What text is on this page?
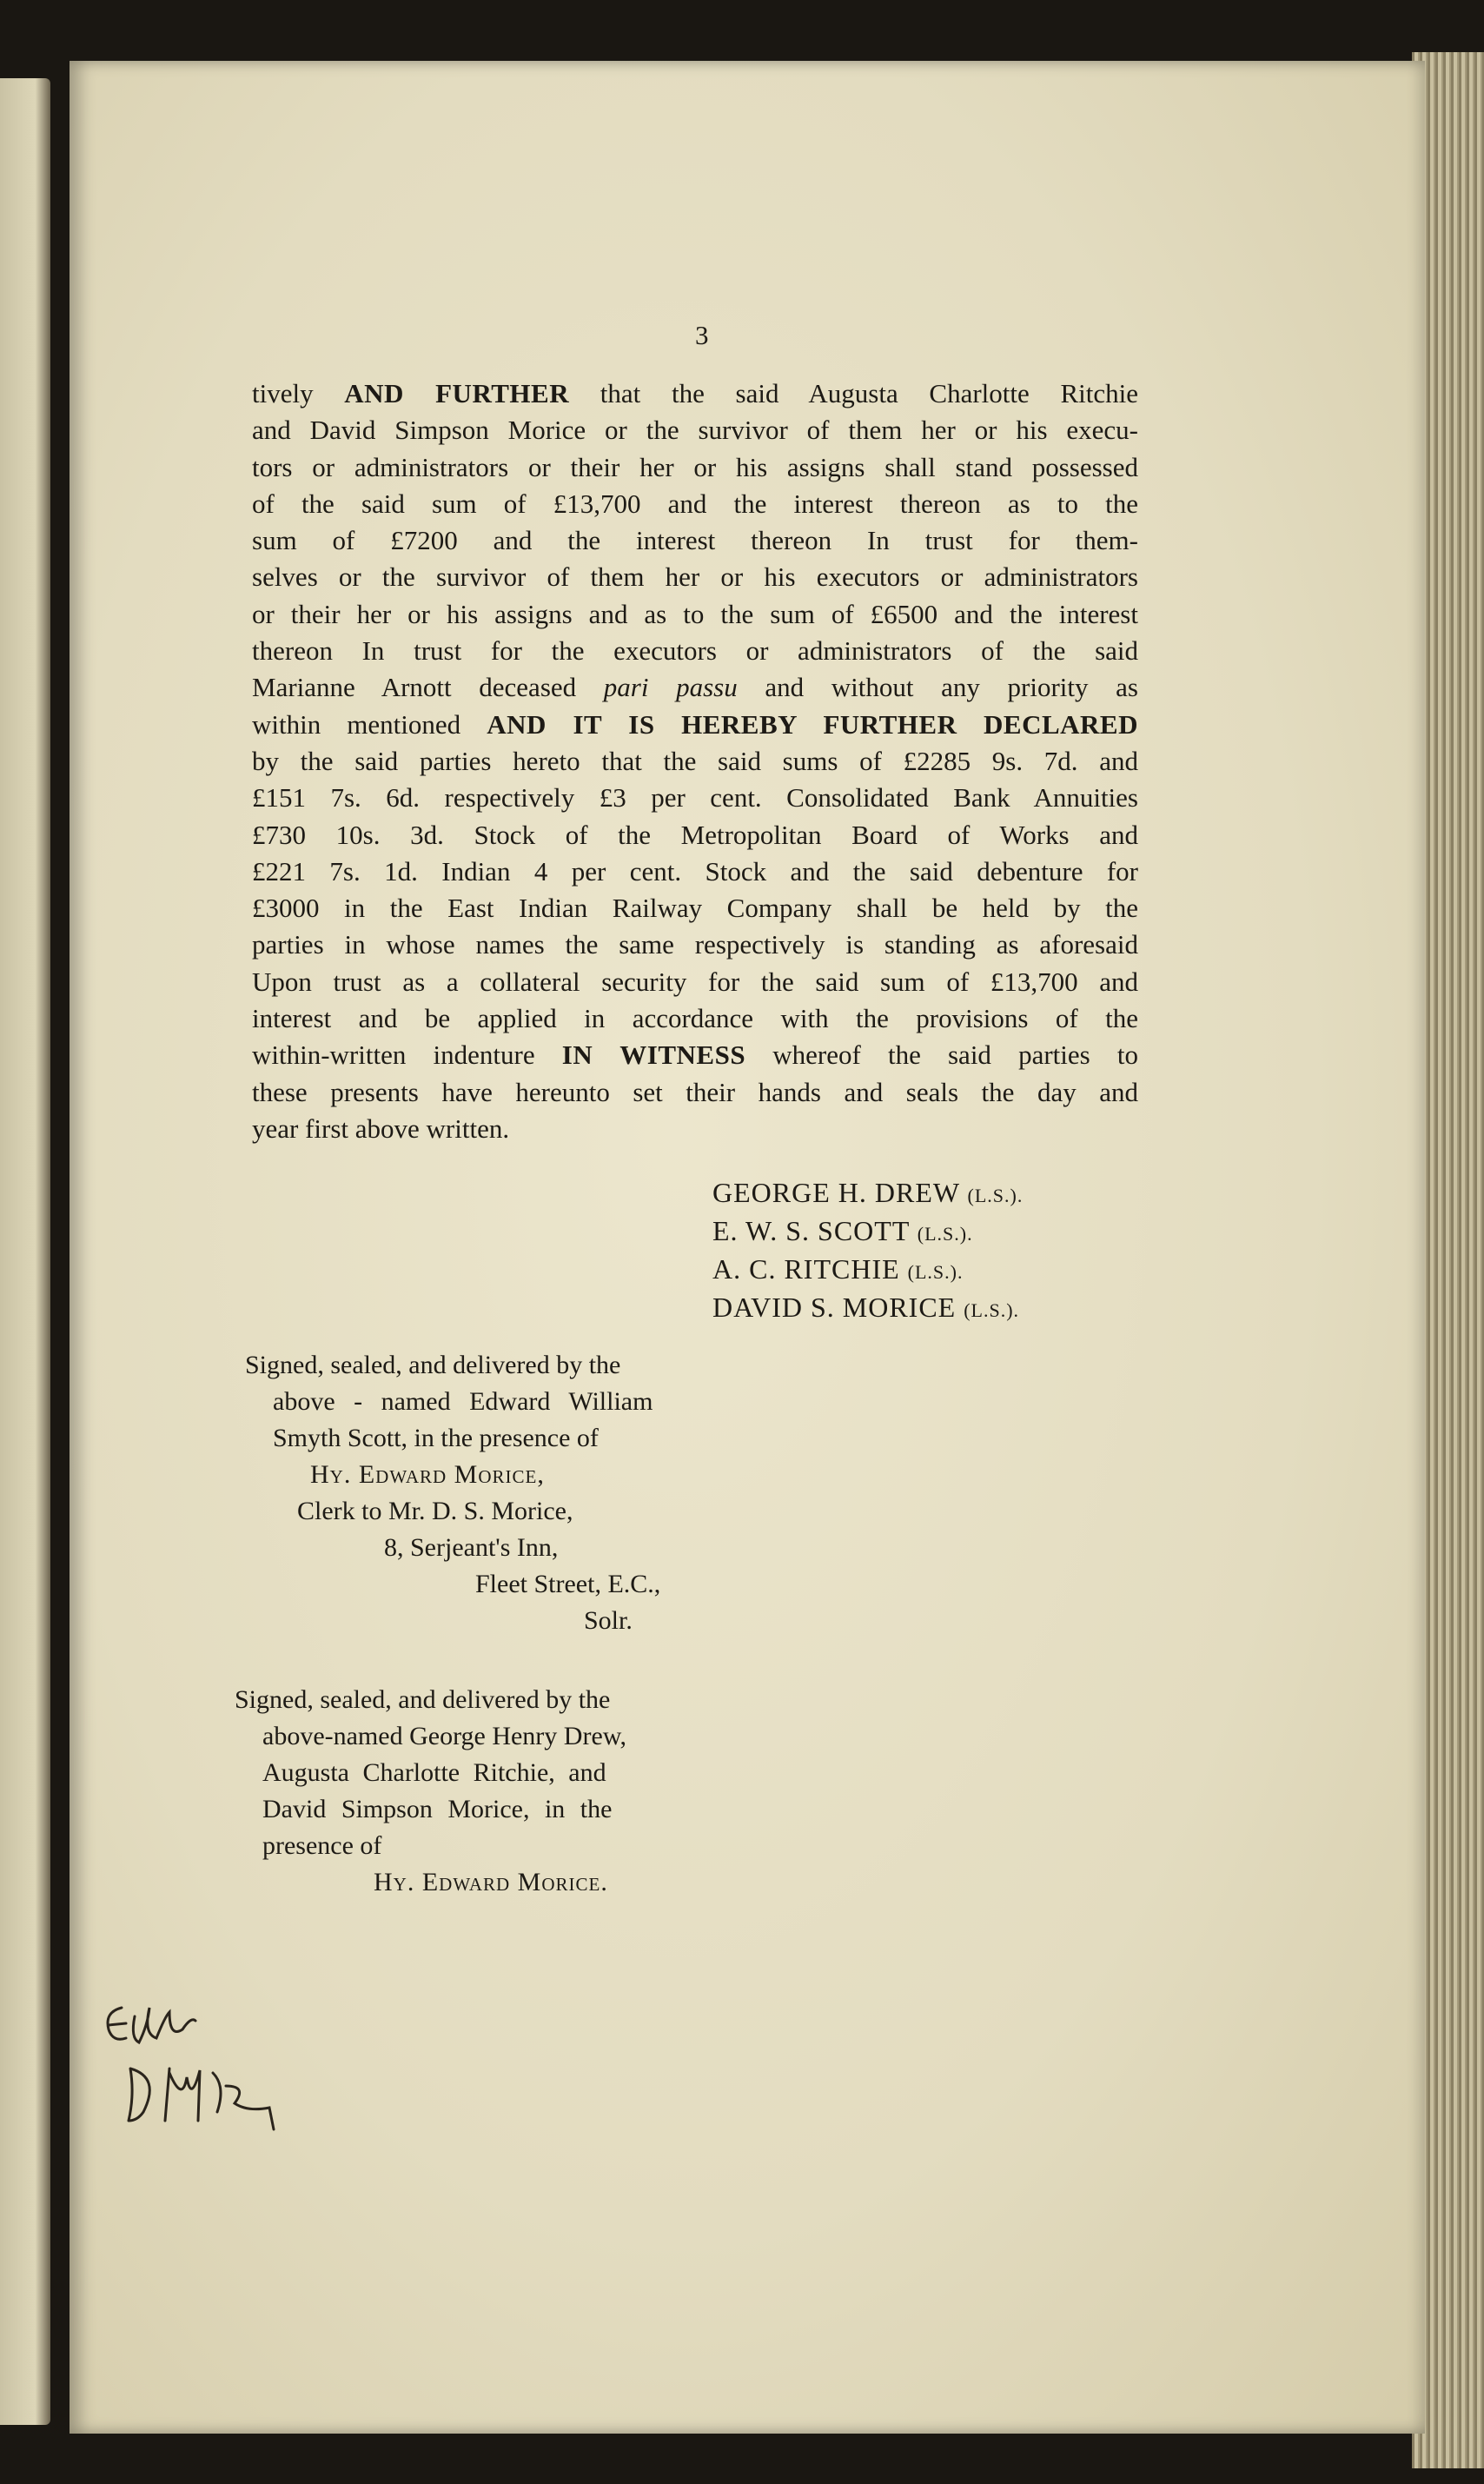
3
tively AND FURTHER that the said Augusta Charlotte Ritchie
and David Simpson Morice or the survivor of them her or his execu-
tors or administrators or their her or his assigns shall stand possessed
of the said sum of £13,700 and the interest thereon as to the
sum of £7200 and the interest thereon In trust for them-
selves or the survivor of them her or his executors or administrators
or their her or his assigns and as to the sum of £6500 and the interest
thereon In trust for the executors or administrators of the said
Marianne Arnott deceased pari passu and without any priority as
within mentioned AND IT IS HEREBY FURTHER DECLARED
by the said parties hereto that the said sums of £2285 9s. 7d. and
£151 7s. 6d. respectively £3 per cent. Consolidated Bank Annuities
£730 10s. 3d. Stock of the Metropolitan Board of Works and
£221 7s. 1d. Indian 4 per cent. Stock and the said debenture for
£3000 in the East Indian Railway Company shall be held by the
parties in whose names the same respectively is standing as aforesaid
Upon trust as a collateral security for the said sum of £13,700 and
interest and be applied in accordance with the provisions of the
within-written indenture IN WITNESS whereof the said parties to
these presents have hereunto set their hands and seals the day and
year first above written.
GEORGE H. DREW (L.S.).
E. W. S. SCOTT (L.S.).
A. C. RITCHIE (L.S.).
DAVID S. MORICE (L.S.).
Signed, sealed, and delivered by the
above - named Edward William
Smyth Scott, in the presence of
Hy. Edward Morice,
Clerk to Mr. D. S. Morice,
8, Serjeant's Inn,
Fleet Street, E.C.,
Solr.
Signed, sealed, and delivered by the
above-named George Henry Drew,
Augusta Charlotte Ritchie, and
David Simpson Morice, in the
presence of
Hy. Edward Morice.
